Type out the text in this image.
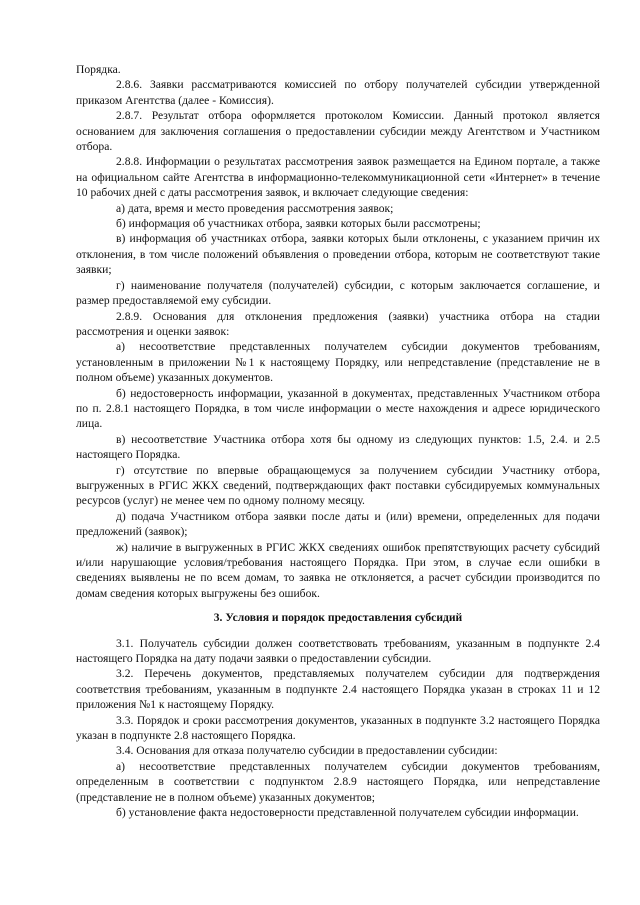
Порядка.

2.8.6. Заявки рассматриваются комиссией по отбору получателей субсидии утвержденной приказом Агентства (далее - Комиссия).

2.8.7. Результат отбора оформляется протоколом Комиссии. Данный протокол является основанием для заключения соглашения о предоставлении субсидии между Агентством и Участником отбора.

2.8.8. Информации о результатах рассмотрения заявок размещается на Едином портале, а также на официальном сайте Агентства в информационно-телекоммуникационной сети «Интернет» в течение 10 рабочих дней с даты рассмотрения заявок, и включает следующие сведения:

а) дата, время и место проведения рассмотрения заявок;

б) информация об участниках отбора, заявки которых были рассмотрены;

в) информация об участниках отбора, заявки которых были отклонены, с указанием причин их отклонения, в том числе положений объявления о проведении отбора, которым не соответствуют такие заявки;

г) наименование получателя (получателей) субсидии, с которым заключается соглашение, и размер предоставляемой ему субсидии.

2.8.9. Основания для отклонения предложения (заявки) участника отбора на стадии рассмотрения и оценки заявок:

а) несоответствие представленных получателем субсидии документов требованиям, установленным в приложении №1 к настоящему Порядку, или непредставление (представление не в полном объеме) указанных документов.

б) недостоверность информации, указанной в документах, представленных Участником отбора по п. 2.8.1 настоящего Порядка, в том числе информации о месте нахождения и адресе юридического лица.

в) несоответствие Участника отбора хотя бы одному из следующих пунктов: 1.5, 2.4. и 2.5 настоящего Порядка.

г) отсутствие по впервые обращающемуся за получением субсидии Участнику отбора, выгруженных в РГИС ЖКХ сведений, подтверждающих факт поставки субсидируемых коммунальных ресурсов (услуг) не менее чем по одному полному месяцу.

д) подача Участником отбора заявки после даты и (или) времени, определенных для подачи предложений (заявок);

ж) наличие в выгруженных в РГИС ЖКХ сведениях ошибок препятствующих расчету субсидий и/или нарушающие условия/требования настоящего Порядка. При этом, в случае если ошибки в сведениях выявлены не по всем домам, то заявка не отклоняется, а расчет субсидии производится по домам сведения которых выгружены без ошибок.

3. Условия и порядок предоставления субсидий

3.1. Получатель субсидии должен соответствовать требованиям, указанным в подпункте 2.4 настоящего Порядка на дату подачи заявки о предоставлении субсидии.

3.2. Перечень документов, представляемых получателем субсидии для подтверждения соответствия требованиям, указанным в подпункте 2.4 настоящего Порядка указан в строках 11 и 12 приложения №1 к настоящему Порядку.

3.3. Порядок и сроки рассмотрения документов, указанных в подпункте 3.2 настоящего Порядка указан в подпункте 2.8 настоящего Порядка.

3.4. Основания для отказа получателю субсидии в предоставлении субсидии:

а) несоответствие представленных получателем субсидии документов требованиям, определенным в соответствии с подпунктом 2.8.9 настоящего Порядка, или непредставление (представление не в полном объеме) указанных документов;

б) установление факта недостоверности представленной получателем субсидии информации.
